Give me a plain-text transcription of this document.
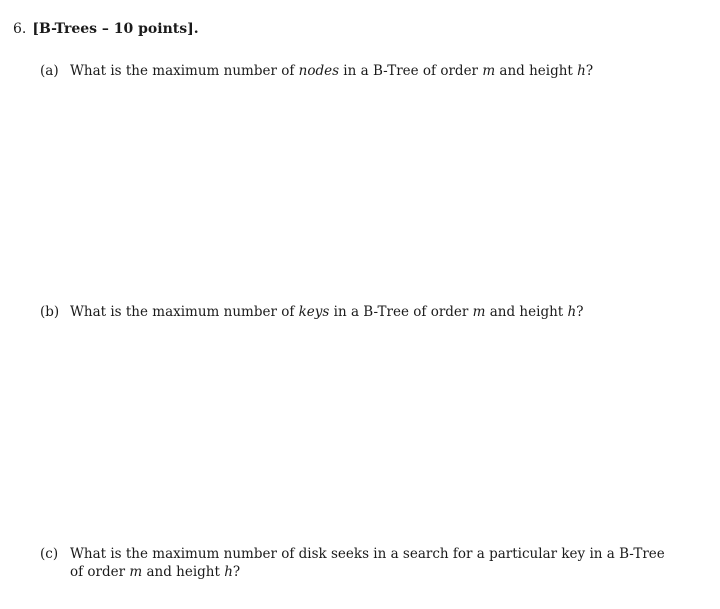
6. [B-Trees – 10 points].
(a) What is the maximum number of nodes in a B-Tree of order m and height h?
(b) What is the maximum number of keys in a B-Tree of order m and height h?
(c) What is the maximum number of disk seeks in a search for a particular key in a B-Tree
of order m and height h?
